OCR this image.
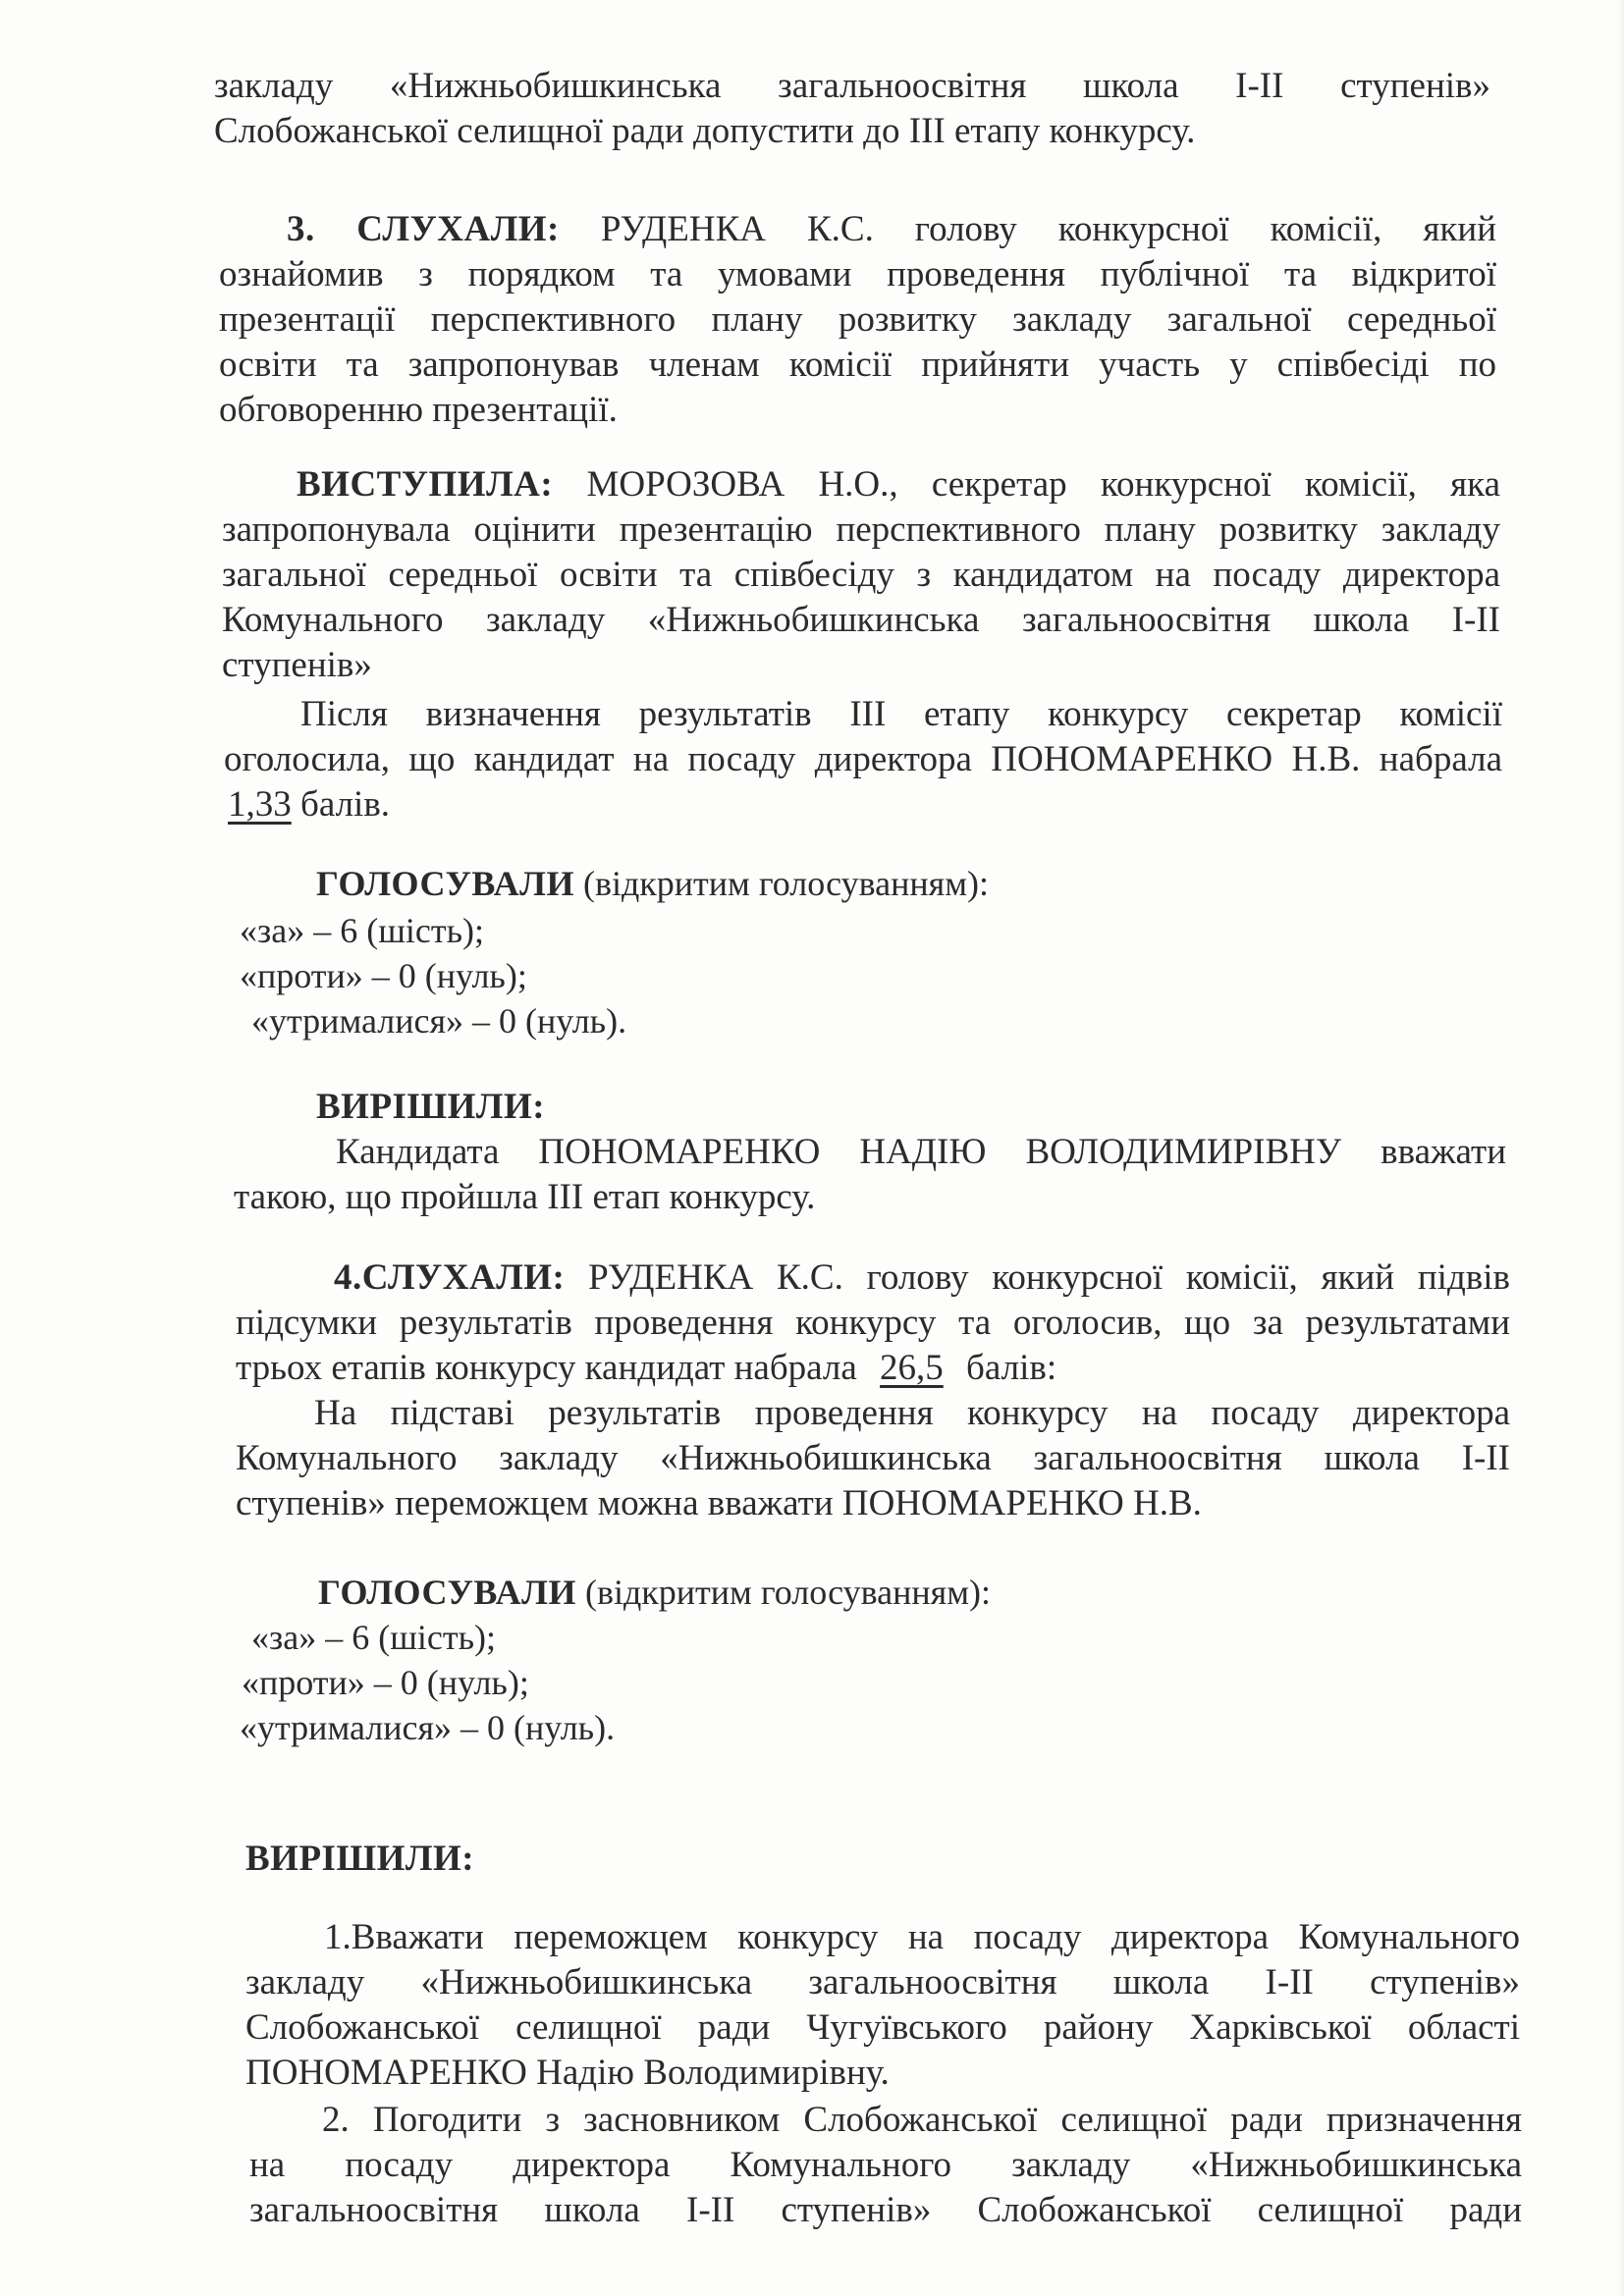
закладу «Нижньобишкинська загальноосвітня школа І-ІІ ступенів»
Слобожанської селищної ради допустити до ІІІ етапу конкурсу.
3. СЛУХАЛИ: РУДЕНКА К.С. голову конкурсної комісії, який
ознайомив з порядком та умовами проведення публічної та відкритої
презентації перспективного плану розвитку закладу загальної середньої
освіти та запропонував членам комісії прийняти участь у співбесіді по
обговоренню презентації.
ВИСТУПИЛА: МОРОЗОВА Н.О., секретар конкурсної комісії, яка
запропонувала оцінити презентацію перспективного плану розвитку закладу
загальної середньої освіти та співбесіду з кандидатом на посаду директора
Комунального закладу «Нижньобишкинська загальноосвітня школа І-ІІ
ступенів»
Після визначення результатів ІІІ етапу конкурсу секретар комісії
оголосила, що кандидат на посаду директора ПОНОМАРЕНКО Н.В. набрала
1,33 балів.
ГОЛОСУВАЛИ (відкритим голосуванням):
«за» – 6 (шість);
«проти» – 0 (нуль);
«утрималися» – 0 (нуль).
ВИРІШИЛИ:
Кандидата ПОНОМАРЕНКО НАДІЮ ВОЛОДИМИРІВНУ вважати
такою, що пройшла ІІІ етап конкурсу.
4.СЛУХАЛИ: РУДЕНКА К.С. голову конкурсної комісії, який підвів
підсумки результатів проведення конкурсу та оголосив, що за результатами
трьох етапів конкурсу кандидат набрала 26,5 балів:
На підставі результатів проведення конкурсу на посаду директора
Комунального закладу «Нижньобишкинська загальноосвітня школа І-ІІ
ступенів» переможцем можна вважати ПОНОМАРЕНКО Н.В.
ГОЛОСУВАЛИ (відкритим голосуванням):
«за» – 6 (шість);
«проти» – 0 (нуль);
«утрималися» – 0 (нуль).
ВИРІШИЛИ:
1.Вважати переможцем конкурсу на посаду директора Комунального
закладу «Нижньобишкинська загальноосвітня школа І-ІІ ступенів»
Слобожанської селищної ради Чугуївського району Харківської області
ПОНОМАРЕНКО Надію Володимирівну.
2. Погодити з засновником Слобожанської селищної ради призначення
на посаду директора Комунального закладу «Нижньобишкинська
загальноосвітня школа І-ІІ ступенів» Слобожанської селищної ради
